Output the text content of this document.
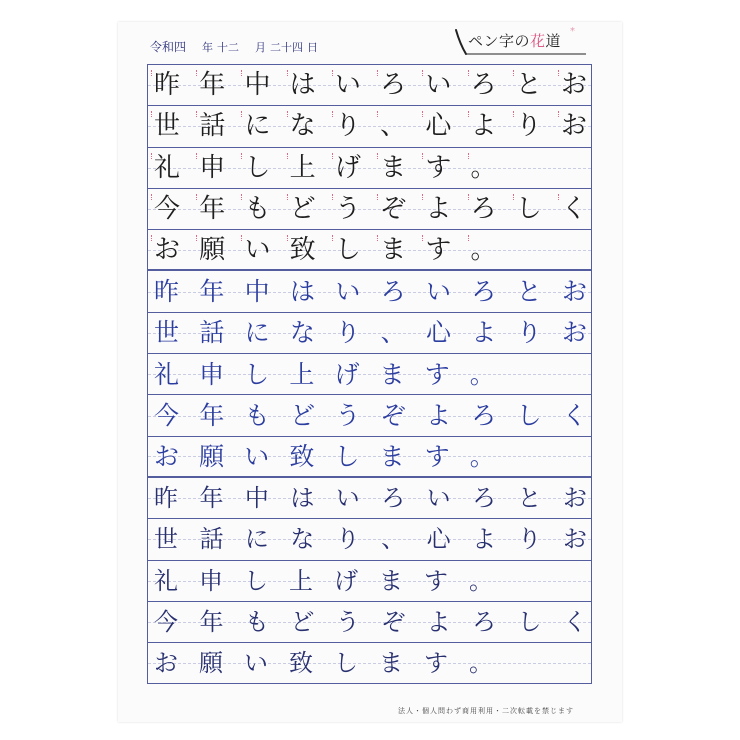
令和四 年 十二 月 二十四 日	ペン字の花道
*
昨 年 中 は い ろ い ろ と お
世 話 に な り 、 心 よ り お
礼 申 し 上 げ ま す 。

今 年 も ど う ぞ よ ろ し く
お 願 い 致 し ま す 。

昨 年 中 は い ろ い ろ と お
世 話 に な り 、 心 よ り お
礼 申 し 上 げ ま す 。

今 年 も ど う ぞ よ ろ し く
お 願 い 致 し ま す 。

昨 年 中 は い ろ い ろ と お
世 話 に な り 、 心 よ り お
礼 申 し 上 げ ま す 。

今 年 も ど う ぞ よ ろ し く
お 願 い 致 し ま す 。

法人・個人問わず商用利用・二次転載を禁じます
